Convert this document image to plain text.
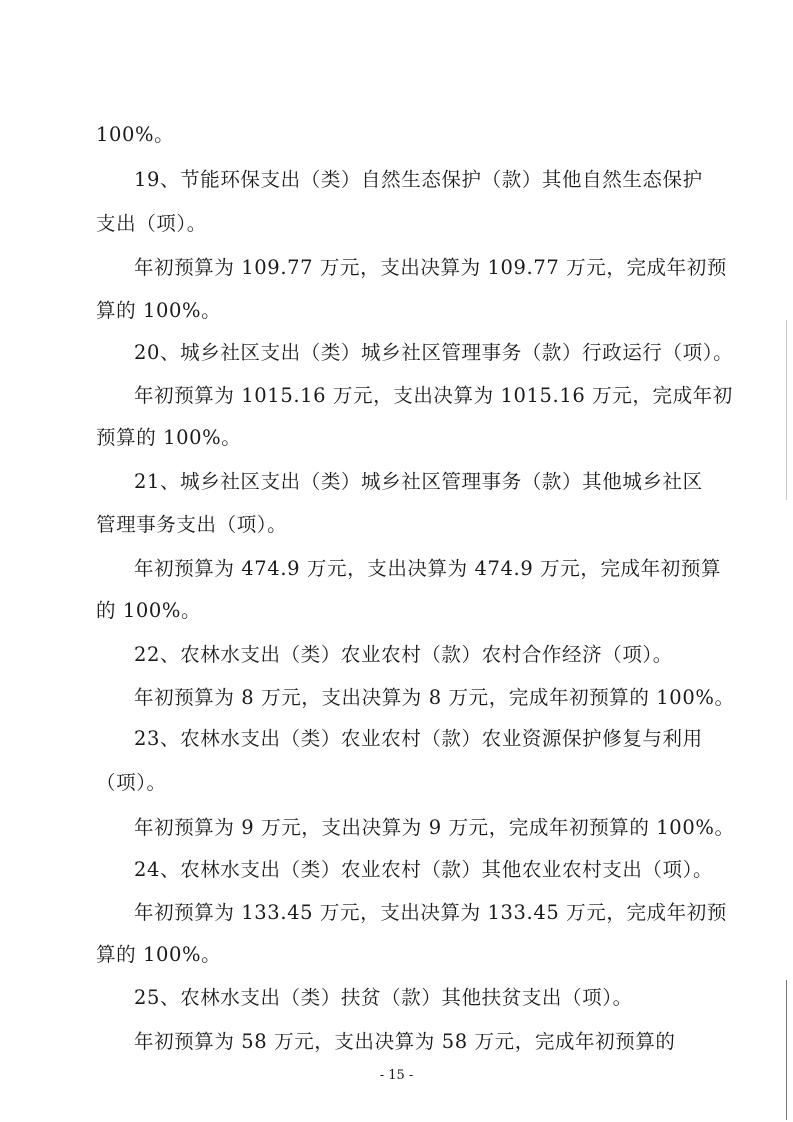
100%。
19、节能环保支出（类）自然生态保护（款）其他自然生态保护
支出（项）。
年初预算为 109.77 万元，支出决算为 109.77 万元，完成年初预
算的 100%。
20、城乡社区支出（类）城乡社区管理事务（款）行政运行（项）。
年初预算为 1015.16 万元，支出决算为 1015.16 万元，完成年初
预算的 100%。
21、城乡社区支出（类）城乡社区管理事务（款）其他城乡社区
管理事务支出（项）。
年初预算为 474.9 万元，支出决算为 474.9 万元，完成年初预算
的 100%。
22、农林水支出（类）农业农村（款）农村合作经济（项）。
年初预算为 8 万元，支出决算为 8 万元，完成年初预算的 100%。
23、农林水支出（类）农业农村（款）农业资源保护修复与利用
（项）。
年初预算为 9 万元，支出决算为 9 万元，完成年初预算的 100%。
24、农林水支出（类）农业农村（款）其他农业农村支出（项）。
年初预算为 133.45 万元，支出决算为 133.45 万元，完成年初预
算的 100%。
25、农林水支出（类）扶贫（款）其他扶贫支出（项）。
年初预算为 58 万元，支出决算为 58 万元，完成年初预算的
- 15 -
